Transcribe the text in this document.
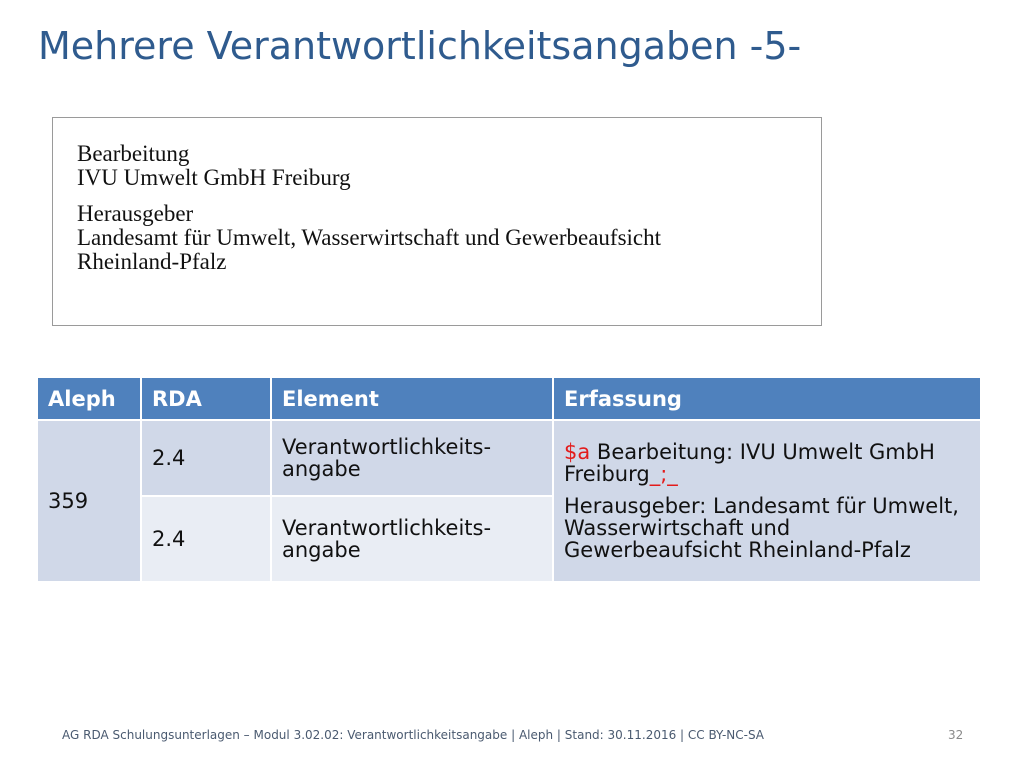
Mehrere Verantwortlichkeitsangaben -5-
Bearbeitung
IVU Umwelt GmbH Freiburg
Herausgeber
Landesamt für Umwelt, Wasserwirtschaft und Gewerbeaufsicht
Rheinland-Pfalz
Aleph	RDA	Element	Erfassung
359	2.4	Verantwortlichkeits-angabe	$a Bearbeitung: IVU Umwelt GmbH Freiburg_;_

Herausgeber: Landesamt für Umwelt, Wasserwirtschaft und Gewerbeaufsicht Rheinland-Pfalz

	2.4	Verantwortlichkeits-angabe	
AG RDA Schulungsunterlagen – Modul 3.02.02: Verantwortlichkeitsangabe | Aleph | Stand: 30.11.2016 | CC BY-NC-SA	32
